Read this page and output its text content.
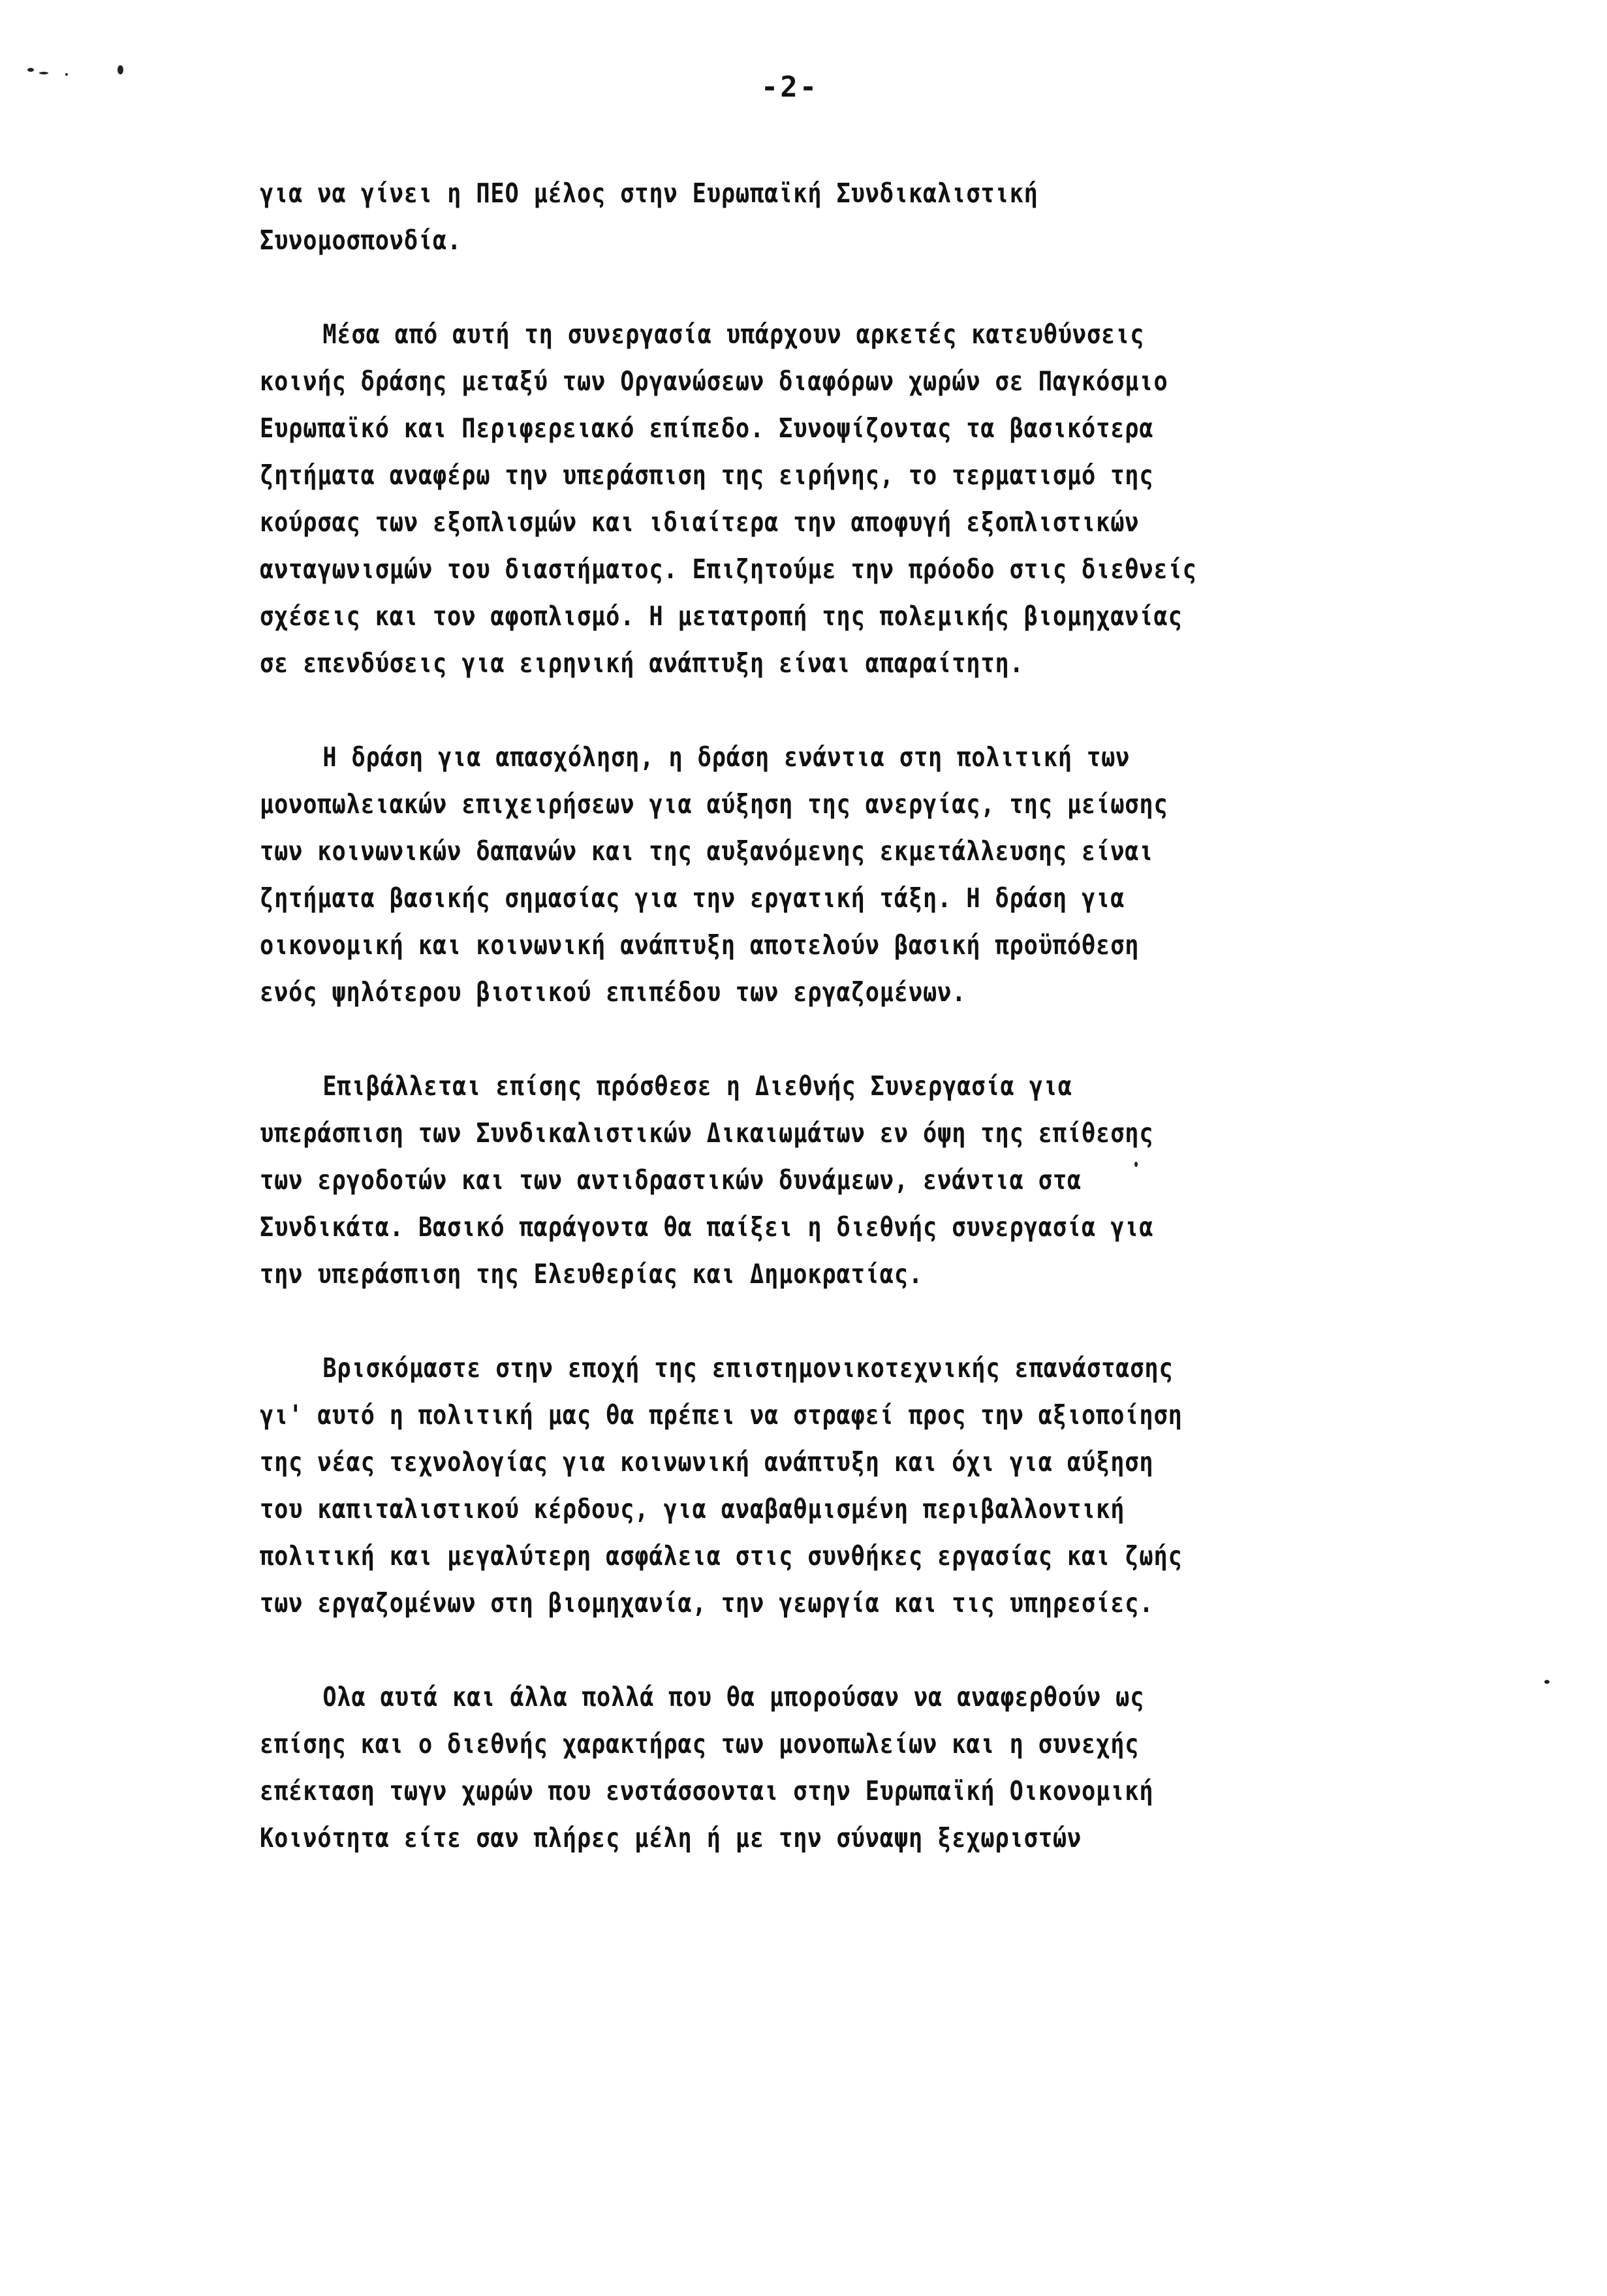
-2-

για να γίνει η ΠΕΟ μέλος στην Ευρωπαϊκή Συνδικαλιστική
Συνομοσπονδία.

Μέσα από αυτή τη συνεργασία υπάρχουν αρκετές κατευθύνσεις
κοινής δράσης μεταξύ των Οργανώσεων διαφόρων χωρών σε Παγκόσμιο
Ευρωπαϊκό και Περιφερειακό επίπεδο. Συνοψίζοντας τα βασικότερα
ζητήματα αναφέρω την υπεράσπιση της ειρήνης, το τερματισμό της
κούρσας των εξοπλισμών και ιδιαίτερα την αποφυγή εξοπλιστικών
ανταγωνισμών του διαστήματος. Επιζητούμε την πρόοδο στις διεθνείς
σχέσεις και τον αφοπλισμό. Η μετατροπή της πολεμικής βιομηχανίας
σε επενδύσεις για ειρηνική ανάπτυξη είναι απαραίτητη.

Η δράση για απασχόληση, η δράση ενάντια στη πολιτική των
μονοπωλειακών επιχειρήσεων για αύξηση της ανεργίας, της μείωσης
των κοινωνικών δαπανών και της αυξανόμενης εκμετάλλευσης είναι
ζητήματα βασικής σημασίας για την εργατική τάξη. Η δράση για
οικονομική και κοινωνική ανάπτυξη αποτελούν βασική προϋπόθεση
ενός ψηλότερου βιοτικού επιπέδου των εργαζομένων.

Επιβάλλεται επίσης πρόσθεσε η Διεθνής Συνεργασία για
υπεράσπιση των Συνδικαλιστικών Δικαιωμάτων εν όψη της επίθεσης
των εργοδοτών και των αντιδραστικών δυνάμεων, ενάντια στα
Συνδικάτα. Βασικό παράγοντα θα παίξει η διεθνής συνεργασία για
την υπεράσπιση της Ελευθερίας και Δημοκρατίας.

Βρισκόμαστε στην εποχή της επιστημονικοτεχνικής επανάστασης
γι' αυτό η πολιτική μας θα πρέπει να στραφεί προς την αξιοποίηση
της νέας τεχνολογίας για κοινωνική ανάπτυξη και όχι για αύξηση
του καπιταλιστικού κέρδους, για αναβαθμισμένη περιβαλλοντική
πολιτική και μεγαλύτερη ασφάλεια στις συνθήκες εργασίας και ζωής
των εργαζομένων στη βιομηχανία, την γεωργία και τις υπηρεσίες.

Ολα αυτά και άλλα πολλά που θα μπορούσαν να αναφερθούν ως
επίσης και ο διεθνής χαρακτήρας των μονοπωλείων και η συνεχής
επέκταση τωγν χωρών που ενστάσσονται στην Ευρωπαϊκή Οικονομική
Κοινότητα είτε σαν πλήρες μέλη ή με την σύναψη ξεχωριστών
